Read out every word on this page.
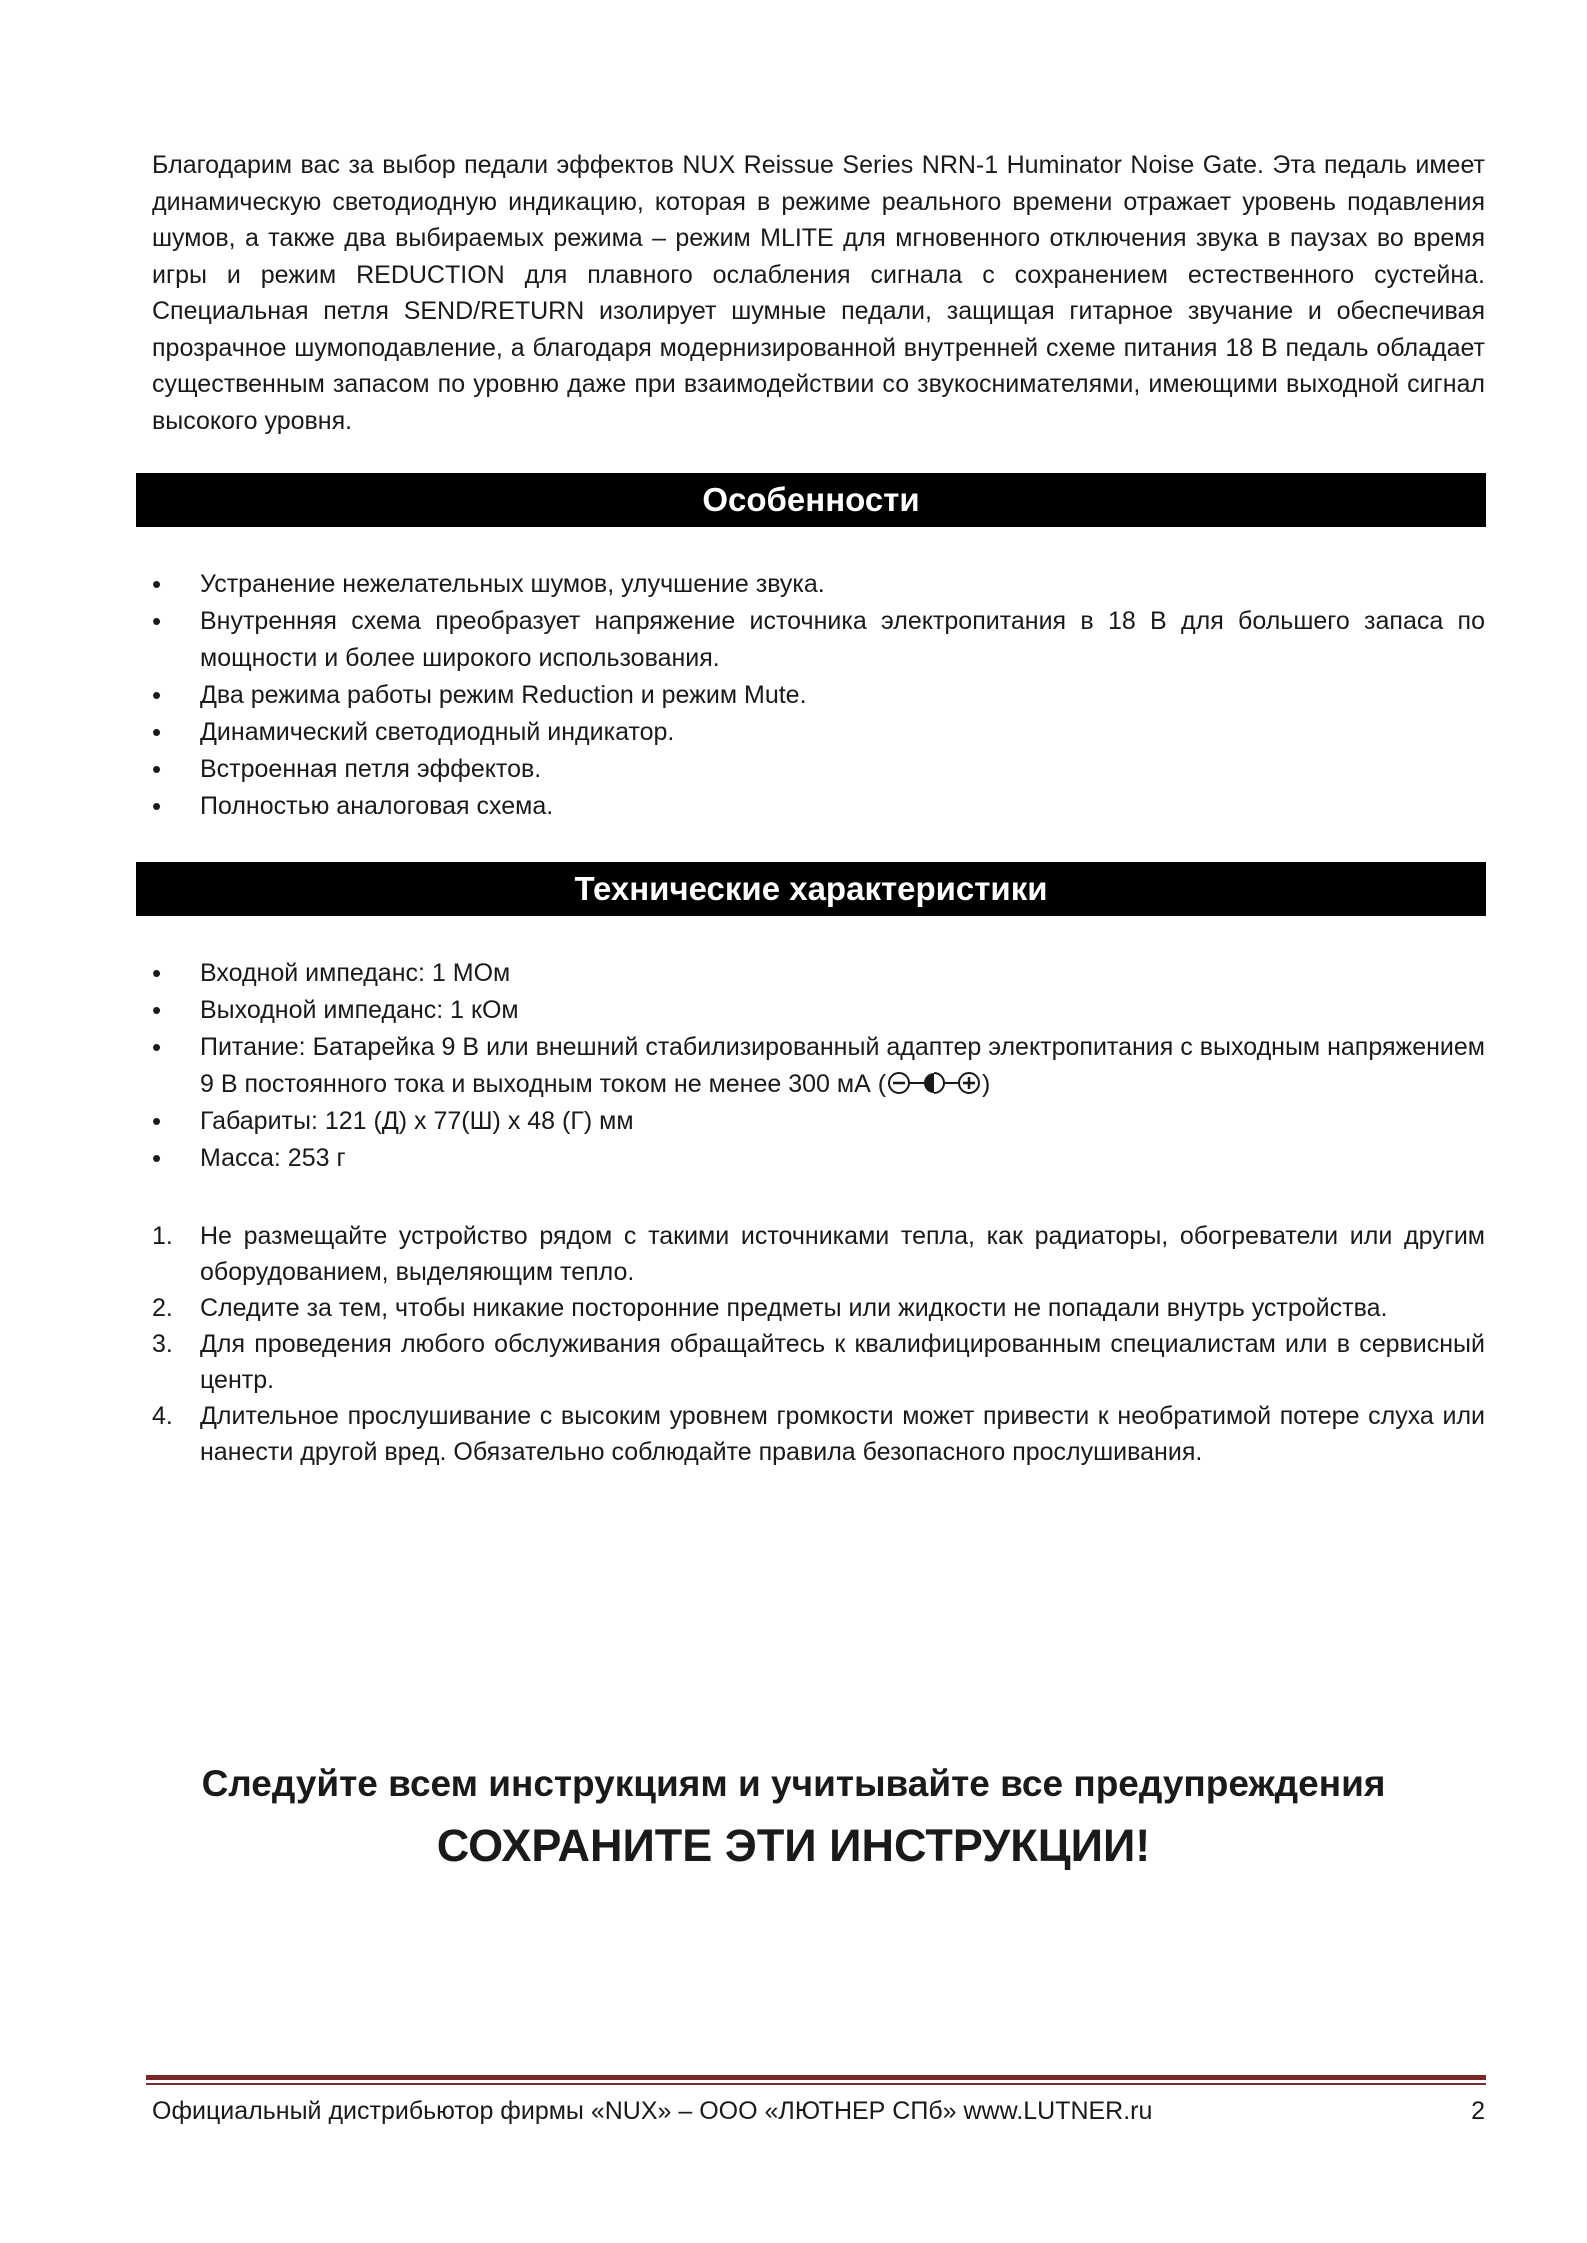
Благодарим вас за выбор педали эффектов NUX Reissue Series NRN-1 Huminator Noise Gate. Эта педаль имеет динамическую светодиодную индикацию, которая в режиме реального времени отражает уровень подавления шумов, а также два выбираемых режима – режим MLITE для мгновенного отключения звука в паузах во время игры и режим REDUCTION для плавного ослабления сигнала с сохранением естественного сустейна. Специальная петля SEND/RETURN изолирует шумные педали, защищая гитарное звучание и обеспечивая прозрачное шумоподавление, а благодаря модернизированной внутренней схеме питания 18 В педаль обладает существенным запасом по уровню даже при взаимодействии со звукоснимателями, имеющими выходной сигнал высокого уровня.

Особенности
• Устранение нежелательных шумов, улучшение звука.
• Внутренняя схема преобразует напряжение источника электропитания в 18 В для большего запаса по мощности и более широкого использования.
• Два режима работы режим Reduction и режим Mute.
• Динамический светодиодный индикатор.
• Встроенная петля эффектов.
• Полностью аналоговая схема.
Технические характеристики
• Входной импеданс: 1 МОм
• Выходной импеданс: 1 кОм
• Питание: Батарейка 9 В или внешний стабилизированный адаптер электропитания с выходным напряжением 9 В постоянного тока и выходным током не менее 300 мА (	)
• Габариты: 121 (Д) x 77(Ш) x 48 (Г) мм
• Масса: 253 г
1. Не размещайте устройство рядом с такими источниками тепла, как радиаторы, обогреватели или другим оборудованием, выделяющим тепло.
2. Следите за тем, чтобы никакие посторонние предметы или жидкости не попадали внутрь устройства.
3. Для проведения любого обслуживания обращайтесь к квалифицированным специалистам или в сервисный центр.
4. Длительное прослушивание с высоким уровнем громкости может привести к необратимой потере слуха или нанести другой вред. Обязательно соблюдайте правила безопасного прослушивания.
Следуйте всем инструкциям и учитывайте все предупреждения
СОХРАНИТЕ ЭТИ ИНСТРУКЦИИ!
Официальный дистрибьютор фирмы «NUX» – ООО «ЛЮТНЕР СПб» www.LUTNER.ru	2
